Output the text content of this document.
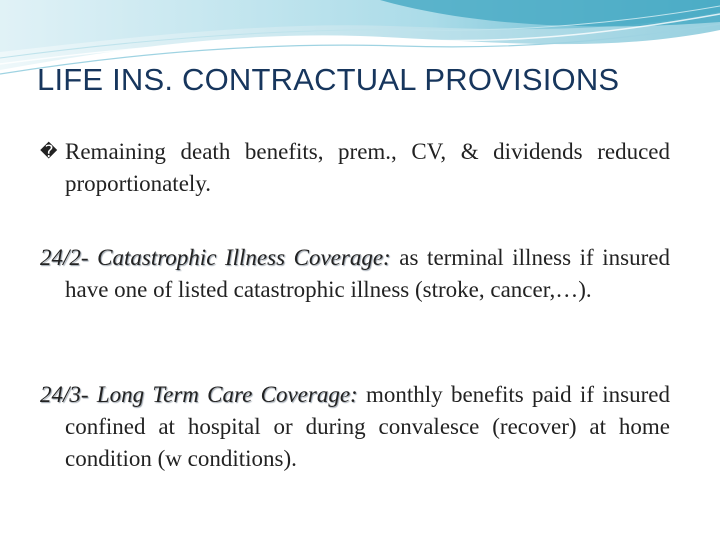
LIFE INS. CONTRACTUAL PROVISIONS

� Remaining death benefits, prem., CV, & dividends reduced proportionately.

24/2- Catastrophic Illness Coverage: as terminal illness if insured have one of listed catastrophic illness (stroke, cancer,…).

24/3- Long Term Care Coverage: monthly benefits paid if insured confined at hospital or during convalesce (recover) at home condition (w conditions).
